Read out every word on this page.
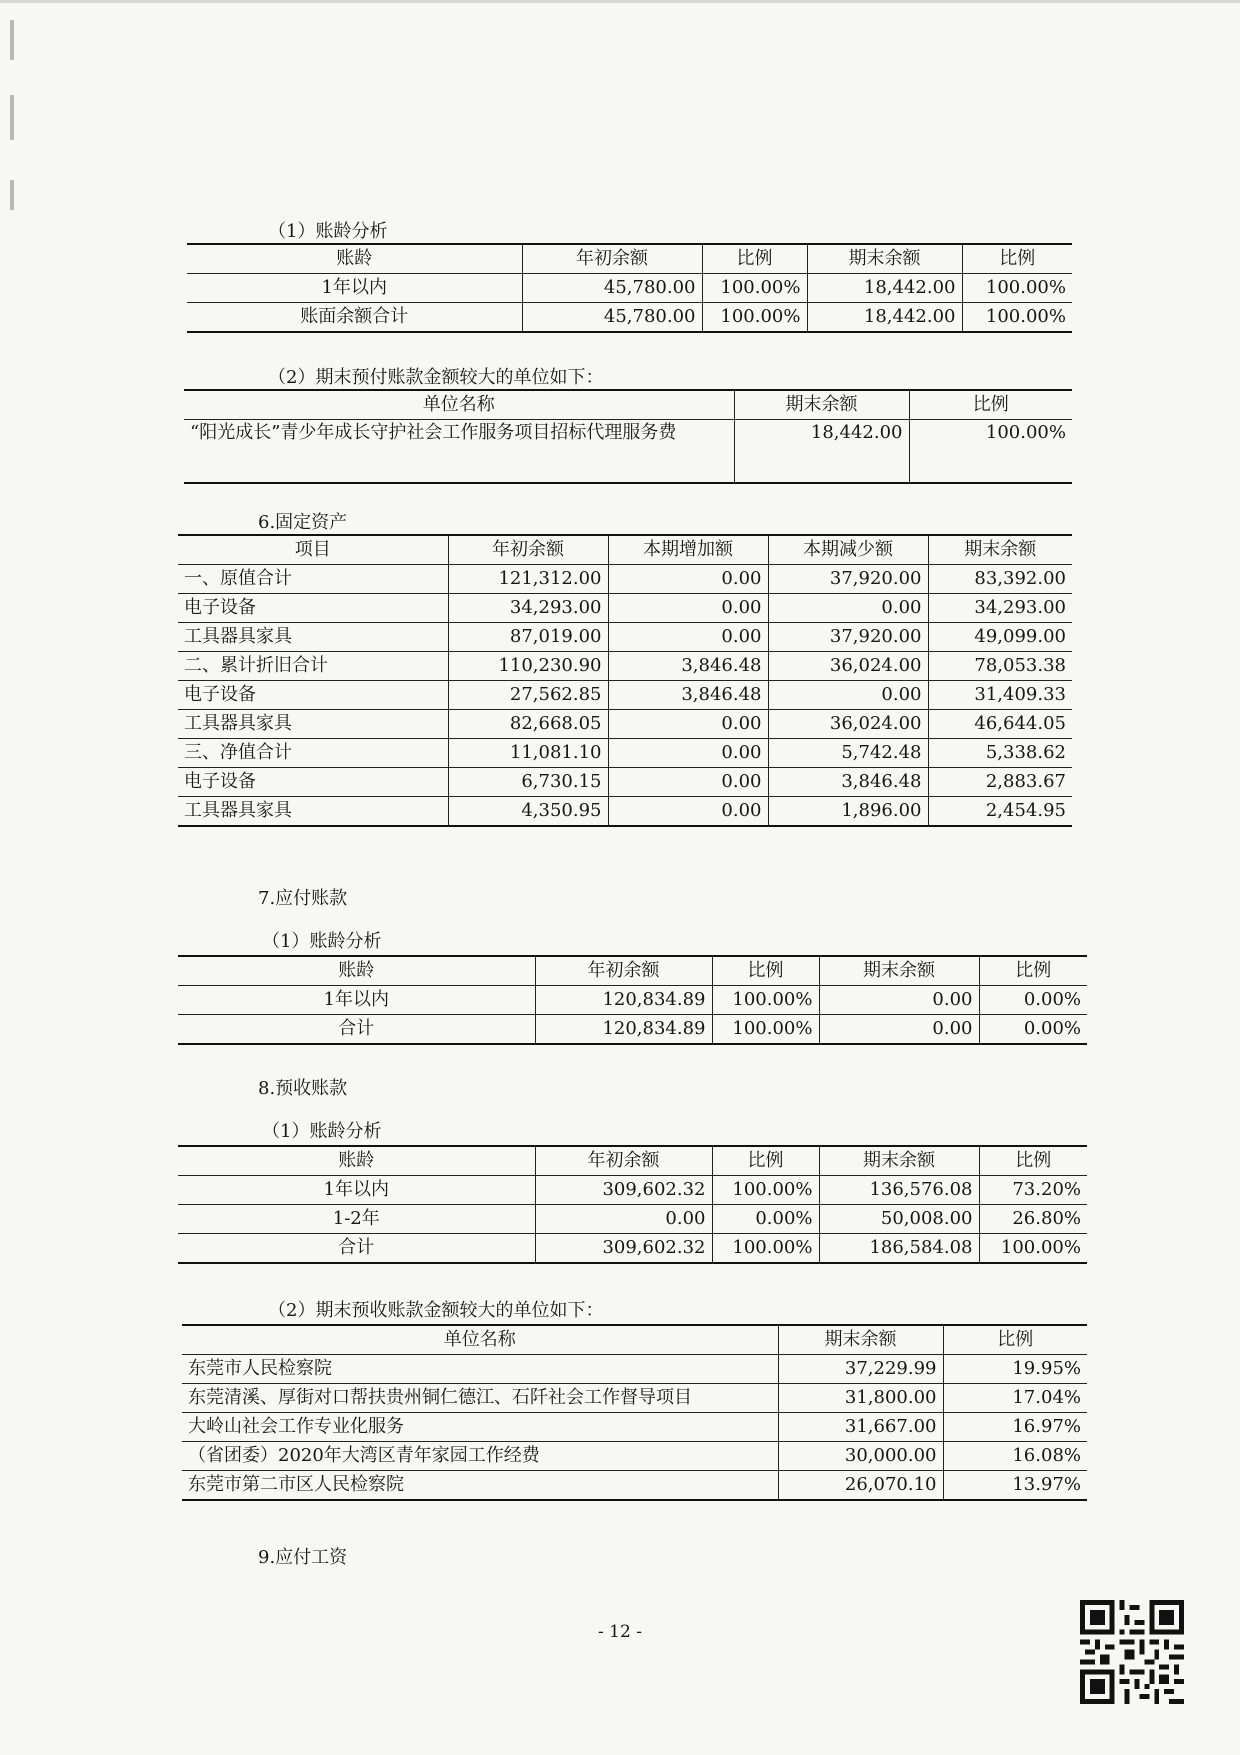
（1）账龄分析
账龄	年初余额	比例	期末余额	比例
1年以内	45,780.00	100.00%	18,442.00	100.00%
账面余额合计	45,780.00	100.00%	18,442.00	100.00%
（2）期末预付账款金额较大的单位如下：
单位名称	期末余额	比例
“阳光成长”青少年成长守护社会工作服务项目招标代理服务费	18,442.00	100.00%
6.固定资产
项目	年初余额	本期增加额	本期减少额	期末余额
一、原值合计	121,312.00	0.00	37,920.00	83,392.00
电子设备	34,293.00	0.00	0.00	34,293.00
工具器具家具	87,019.00	0.00	37,920.00	49,099.00
二、累计折旧合计	110,230.90	3,846.48	36,024.00	78,053.38
电子设备	27,562.85	3,846.48	0.00	31,409.33
工具器具家具	82,668.05	0.00	36,024.00	46,644.05
三、净值合计	11,081.10	0.00	5,742.48	5,338.62
电子设备	6,730.15	0.00	3,846.48	2,883.67
工具器具家具	4,350.95	0.00	1,896.00	2,454.95
7.应付账款
（1）账龄分析
账龄	年初余额	比例	期末余额	比例
1年以内	120,834.89	100.00%	0.00	0.00%
合计	120,834.89	100.00%	0.00	0.00%
8.预收账款
（1）账龄分析
账龄	年初余额	比例	期末余额	比例
1年以内	309,602.32	100.00%	136,576.08	73.20%
1-2年	0.00	0.00%	50,008.00	26.80%
合计	309,602.32	100.00%	186,584.08	100.00%
（2）期末预收账款金额较大的单位如下：
单位名称	期末余额	比例
东莞市人民检察院	37,229.99	19.95%
东莞清溪、厚街对口帮扶贵州铜仁德江、石阡社会工作督导项目	31,800.00	17.04%
大岭山社会工作专业化服务	31,667.00	16.97%
（省团委）2020年大湾区青年家园工作经费	30,000.00	16.08%
东莞市第二市区人民检察院	26,070.10	13.97%
9.应付工资
- 12 -
